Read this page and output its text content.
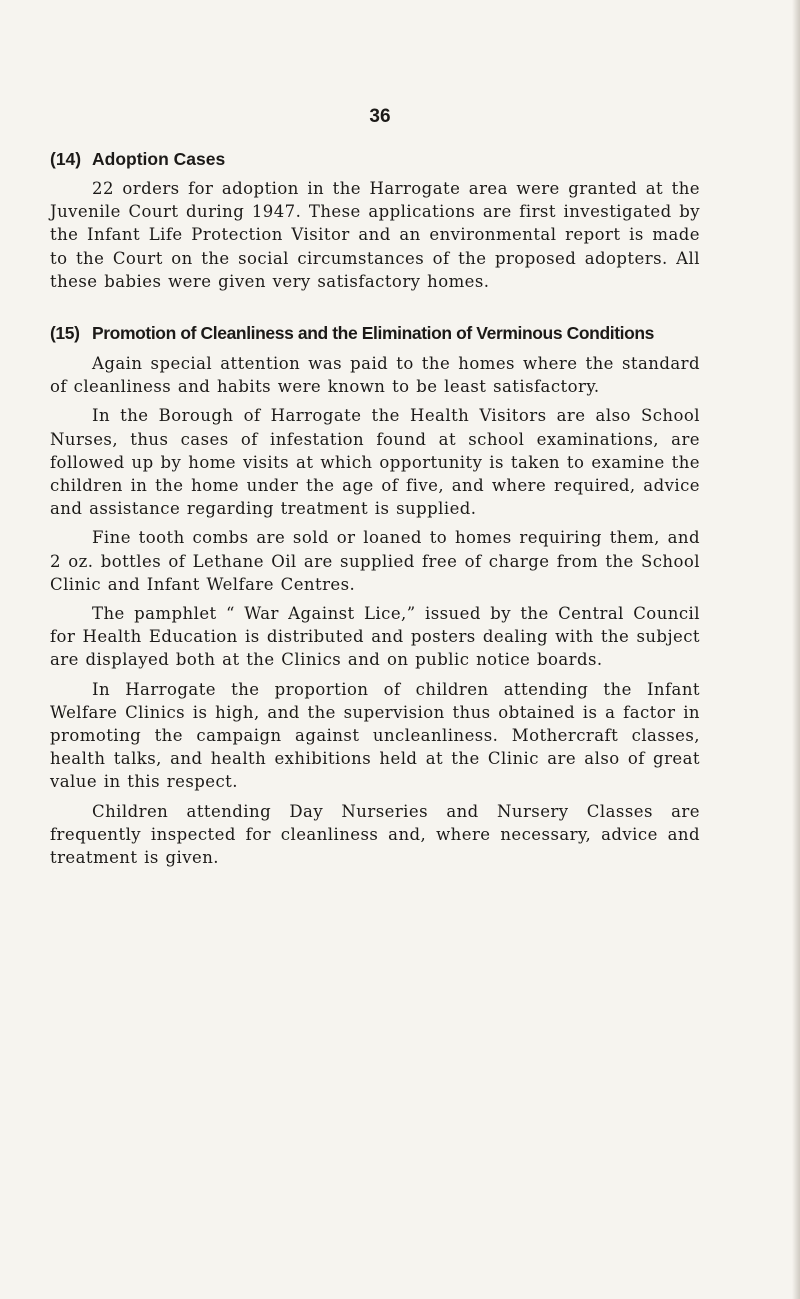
36
(14) Adoption Cases

22 orders for adoption in the Harrogate area were granted at the Juvenile Court during 1947. These applications are first investigated by the Infant Life Protection Visitor and an environmental report is made to the Court on the social circumstances of the proposed adopters. All these babies were given very satisfactory homes.

(15) Promotion of Cleanliness and the Elimination of Verminous Conditions

Again special attention was paid to the homes where the standard of cleanliness and habits were known to be least satisfactory.

In the Borough of Harrogate the Health Visitors are also School Nurses, thus cases of infestation found at school examinations, are followed up by home visits at which opportunity is taken to examine the children in the home under the age of five, and where required, advice and assistance regarding treatment is supplied.

Fine tooth combs are sold or loaned to homes requiring them, and 2 oz. bottles of Lethane Oil are supplied free of charge from the School Clinic and Infant Welfare Centres.

The pamphlet “ War Against Lice,” issued by the Central Council for Health Education is distributed and posters dealing with the subject are displayed both at the Clinics and on public notice boards.

In Harrogate the proportion of children attending the Infant Welfare Clinics is high, and the supervision thus obtained is a factor in promoting the campaign against uncleanliness. Mothercraft classes, health talks, and health exhibitions held at the Clinic are also of great value in this respect.

Children attending Day Nurseries and Nursery Classes are frequently inspected for cleanliness and, where necessary, advice and treatment is given.
